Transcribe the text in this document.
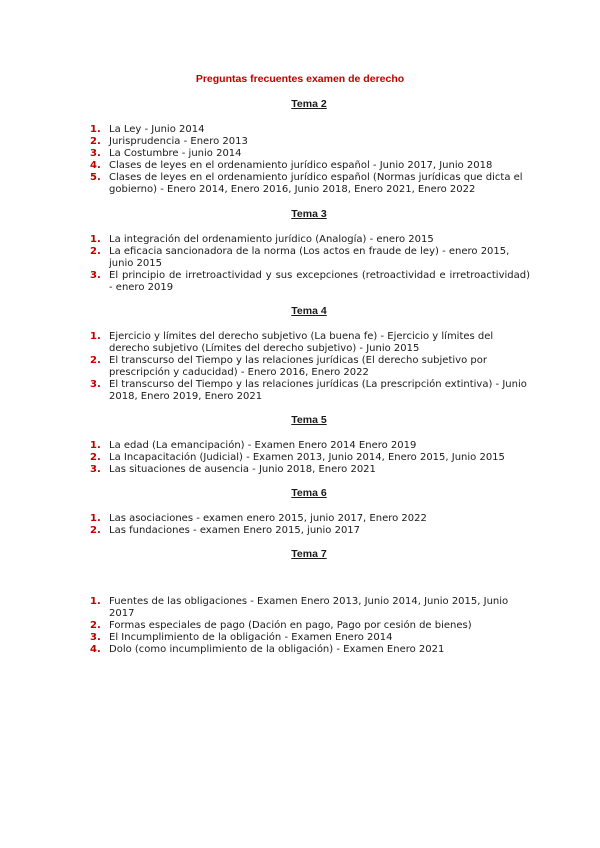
Preguntas frecuentes examen de derecho
Tema 2
1. La Ley - Junio 2014
2. Jurisprudencia - Enero 2013
3. La Costumbre - junio 2014
4. Clases de leyes en el ordenamiento jurídico español - Junio 2017, Junio 2018
5. Clases de leyes en el ordenamiento jurídico español (Normas jurídicas que dicta el gobierno) - Enero 2014, Enero 2016, Junio 2018, Enero 2021, Enero 2022
Tema 3
1. La integración del ordenamiento jurídico (Analogía) - enero 2015
2. La eficacia sancionadora de la norma (Los actos en fraude de ley) - enero 2015, junio 2015
3. El principio de irretroactividad y sus excepciones (retroactividad e irretroactividad) - enero 2019
Tema 4
1. Ejercicio y límites del derecho subjetivo (La buena fe) - Ejercicio y límites del derecho subjetivo (Límites del derecho subjetivo) - Junio 2015
2. El transcurso del Tiempo y las relaciones jurídicas (El derecho subjetivo por prescripción y caducidad) - Enero 2016, Enero 2022
3. El transcurso del Tiempo y las relaciones jurídicas (La prescripción extintiva) - Junio 2018, Enero 2019, Enero 2021
Tema 5
1. La edad (La emancipación) - Examen Enero 2014 Enero 2019
2. La Incapacitación (Judicial) - Examen 2013, Junio 2014, Enero 2015, Junio 2015
3. Las situaciones de ausencia - Junio 2018, Enero 2021
Tema 6
1. Las asociaciones - examen enero 2015, junio 2017, Enero 2022
2. Las fundaciones - examen Enero 2015, junio 2017
Tema 7
1. Fuentes de las obligaciones - Examen Enero 2013, Junio 2014, Junio 2015, Junio 2017
2. Formas especiales de pago (Dación en pago, Pago por cesión de bienes)
3. El Incumplimiento de la obligación - Examen Enero 2014
4. Dolo (como incumplimiento de la obligación) - Examen Enero 2021
